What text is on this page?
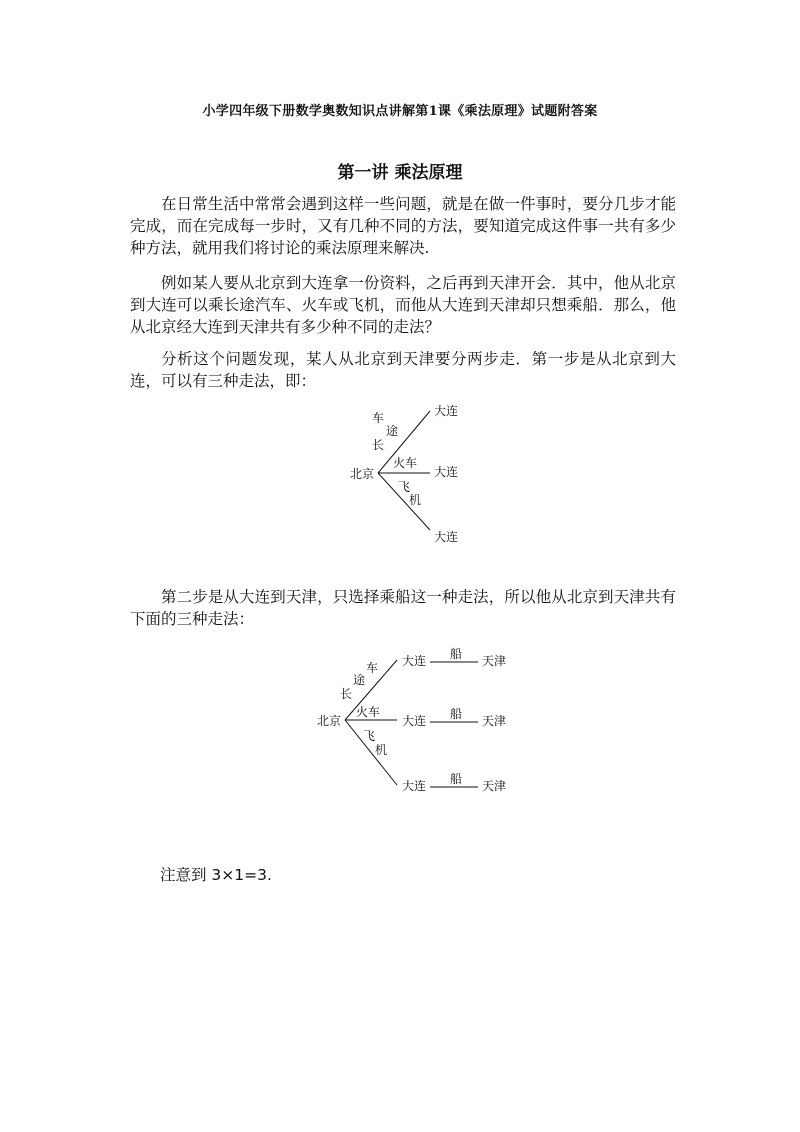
小学四年级下册数学奥数知识点讲解第1课《乘法原理》试题附答案
第一讲 乘法原理
在日常生活中常常会遇到这样一些问题，就是在做一件事时，要分几步才能完成，而在完成每一步时，又有几种不同的方法，要知道完成这件事一共有多少种方法，就用我们将讨论的乘法原理来解决.
例如某人要从北京到大连拿一份资料，之后再到天津开会．其中，他从北京到大连可以乘长途汽车、火车或飞机，而他从大连到天津却只想乘船．那么，他从北京经大连到天津共有多少种不同的走法？
分析这个问题发现，某人从北京到天津要分两步走．第一步是从北京到大连，可以有三种走法，即：
北京
车
途
长
火车
飞
机
大连
大连
大连
第二步是从大连到天津，只选择乘船这一种走法，所以他从北京到天津共有下面的三种走法：
北京
车
途
长
火车
飞
机
大连
大连
大连
船
船
船
天津
天津
天津
注意到 3×1=3.
